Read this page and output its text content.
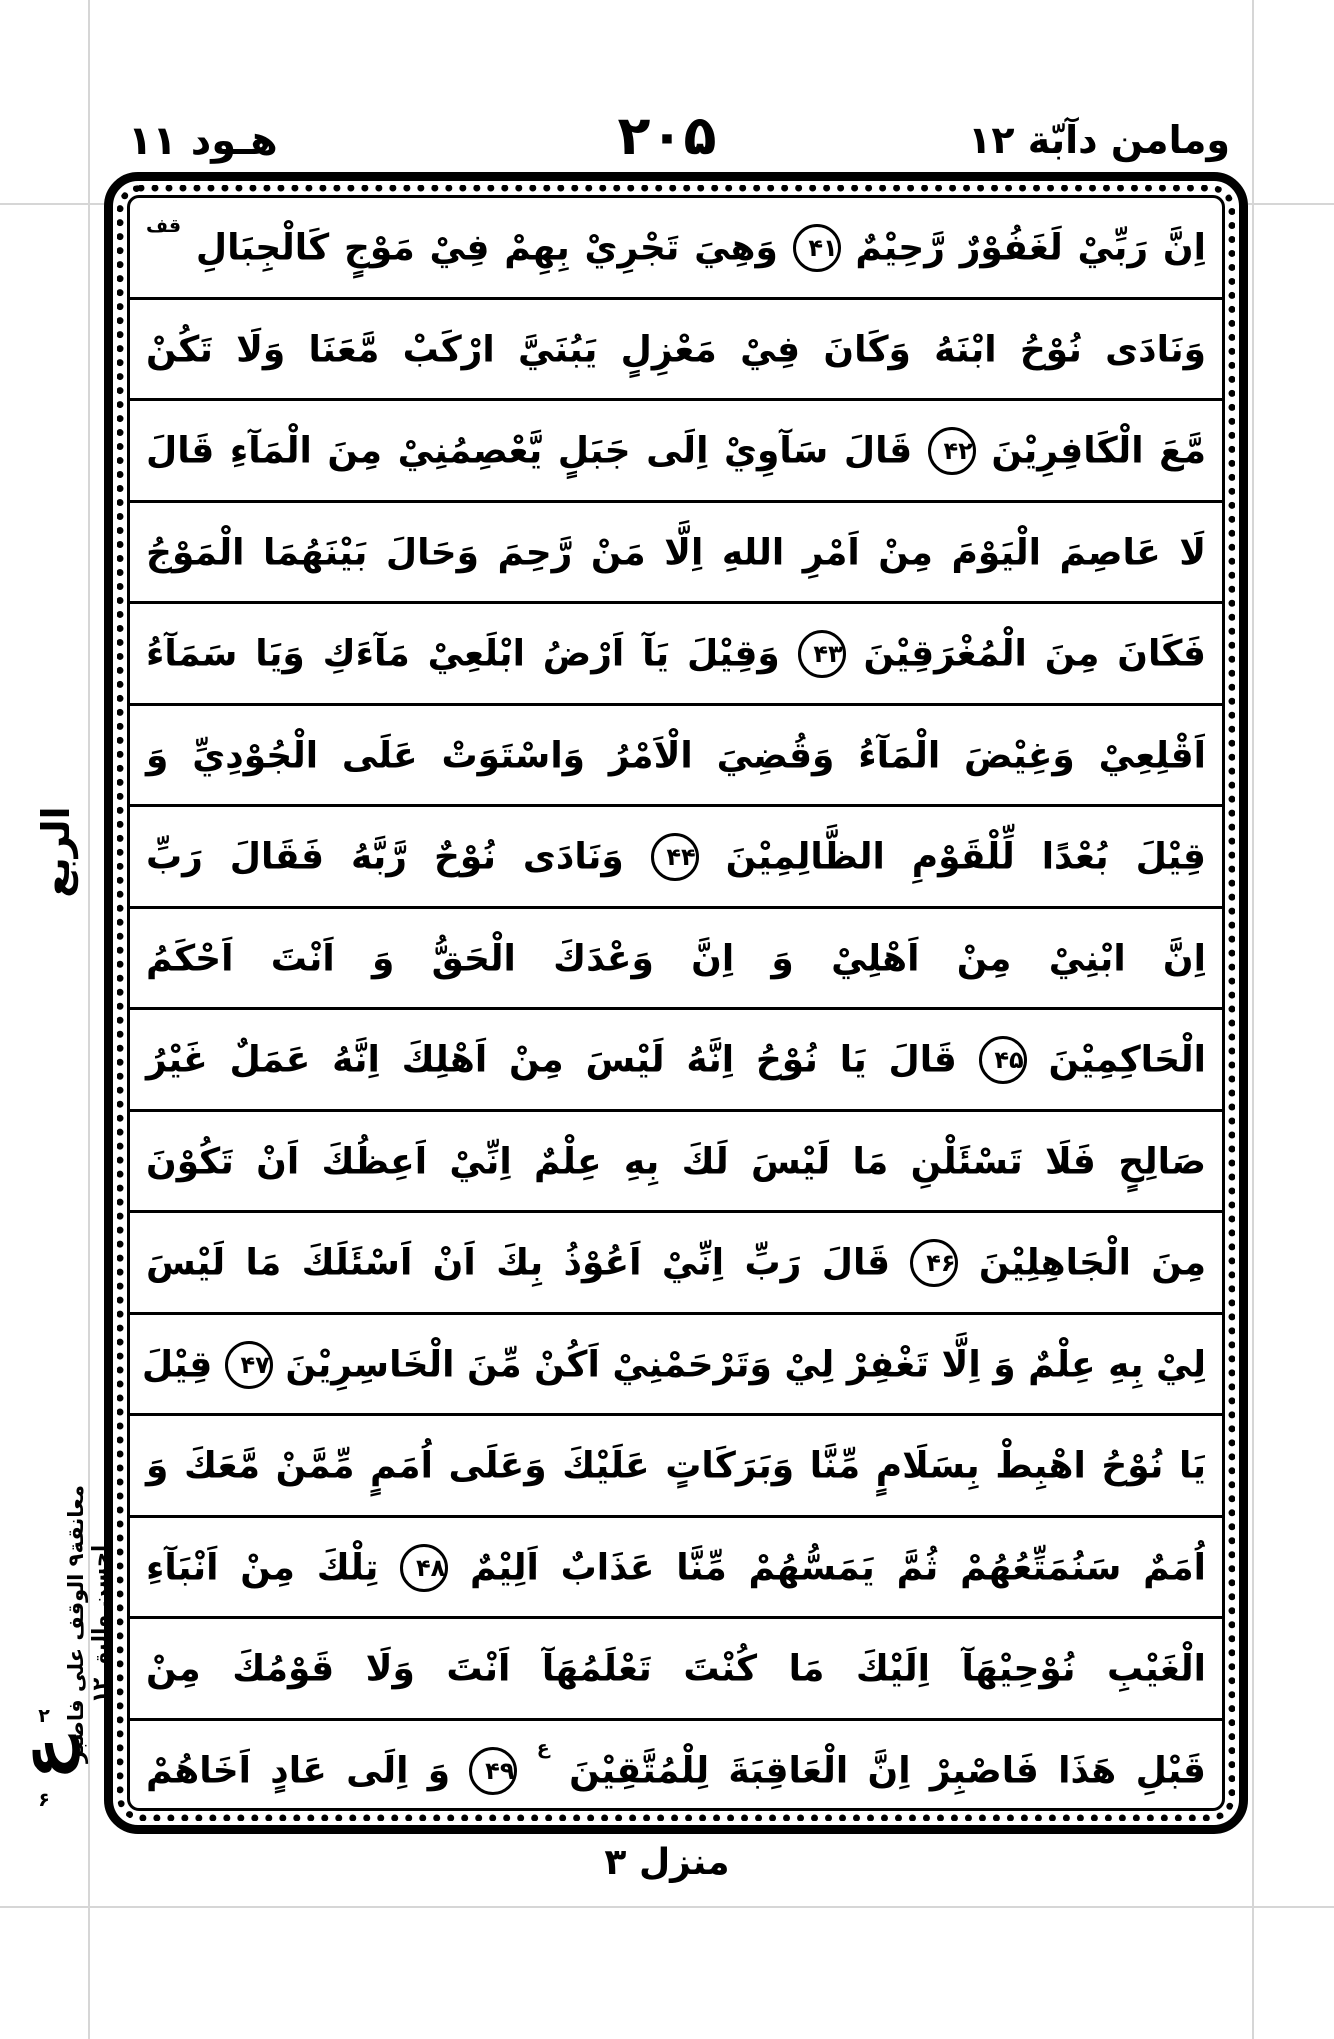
هـود ۱۱	۲۰۵	ومامن دآبّة ۱۲
اِنَّ رَبِّيْ لَغَفُوْرٌ رَّحِيْمٌ ۴۱ وَهِيَ تَجْرِيْ بِهِمْ فِيْ مَوْجٍ كَالْجِبَالِ $^{قف}$
وَنَادَى نُوْحُ ابْنَهُ وَكَانَ فِيْ مَعْزِلٍ يَبُنَيَّ ارْكَبْ مَّعَنَا وَلَا تَكُنْ
مَّعَ الْكَافِرِيْنَ ۴۲ قَالَ سَآوِيْ اِلَى جَبَلٍ يَّعْصِمُنِيْ مِنَ الْمَآءِ قَالَ
لَا عَاصِمَ الْيَوْمَ مِنْ اَمْرِ اللهِ اِلَّا مَنْ رَّحِمَ وَحَالَ بَيْنَهُمَا الْمَوْجُ
فَكَانَ مِنَ الْمُغْرَقِيْنَ ۴۳ وَقِيْلَ يَآ اَرْضُ ابْلَعِيْ مَآءَكِ وَيَا سَمَآءُ
اَقْلِعِيْ وَغِيْضَ الْمَآءُ وَقُضِيَ الْاَمْرُ وَاسْتَوَتْ عَلَى الْجُوْدِيِّ وَ
قِيْلَ بُعْدًا لِّلْقَوْمِ الظَّالِمِيْنَ ۴۴ وَنَادَى نُوْحٌ رَّبَّهُ فَقَالَ رَبِّ
اِنَّ ابْنِيْ مِنْ اَهْلِيْ وَ اِنَّ وَعْدَكَ الْحَقُّ وَ اَنْتَ اَحْكَمُ
الْحَاكِمِيْنَ ۴۵ قَالَ يَا نُوْحُ اِنَّهُ لَيْسَ مِنْ اَهْلِكَ اِنَّهُ عَمَلٌ غَيْرُ
صَالِحٍ فَلَا تَسْئَلْنِ مَا لَيْسَ لَكَ بِهِ عِلْمٌ اِنِّيْ اَعِظُكَ اَنْ تَكُوْنَ
مِنَ الْجَاهِلِيْنَ ۴۶ قَالَ رَبِّ اِنِّيْ اَعُوْذُ بِكَ اَنْ اَسْئَلَكَ مَا لَيْسَ
لِيْ بِهِ عِلْمٌ وَ اِلَّا تَغْفِرْ لِيْ وَتَرْحَمْنِيْ اَكُنْ مِّنَ الْخَاسِرِيْنَ ۴۷ قِيْلَ
يَا نُوْحُ اهْبِطْ بِسَلَامٍ مِّنَّا وَبَرَكَاتٍ عَلَيْكَ وَعَلَى اُمَمٍ مِّمَّنْ مَّعَكَ وَ
اُمَمٌ سَنُمَتِّعُهُمْ ثُمَّ يَمَسُّهُمْ مِّنَّا عَذَابٌ اَلِيْمٌ ۴۸ تِلْكَ مِنْ اَنْبَآءِ
الْغَيْبِ نُوْحِيْهَآ اِلَيْكَ مَا كُنْتَ تَعْلَمُهَآ اَنْتَ وَلَا قَوْمُكَ مِنْ
قَبْلِ هَذَا فَاصْبِرْ اِنَّ الْعَاقِبَةَ لِلْمُتَّقِيْنَ $^ع$ ۴۹ وَ اِلَى عَادٍ اَخَاهُمْ
الربع
معانقة۹ الوقف على فاصبر احسن والبق ۱۲
۲
ع
۶
منزل ۳
